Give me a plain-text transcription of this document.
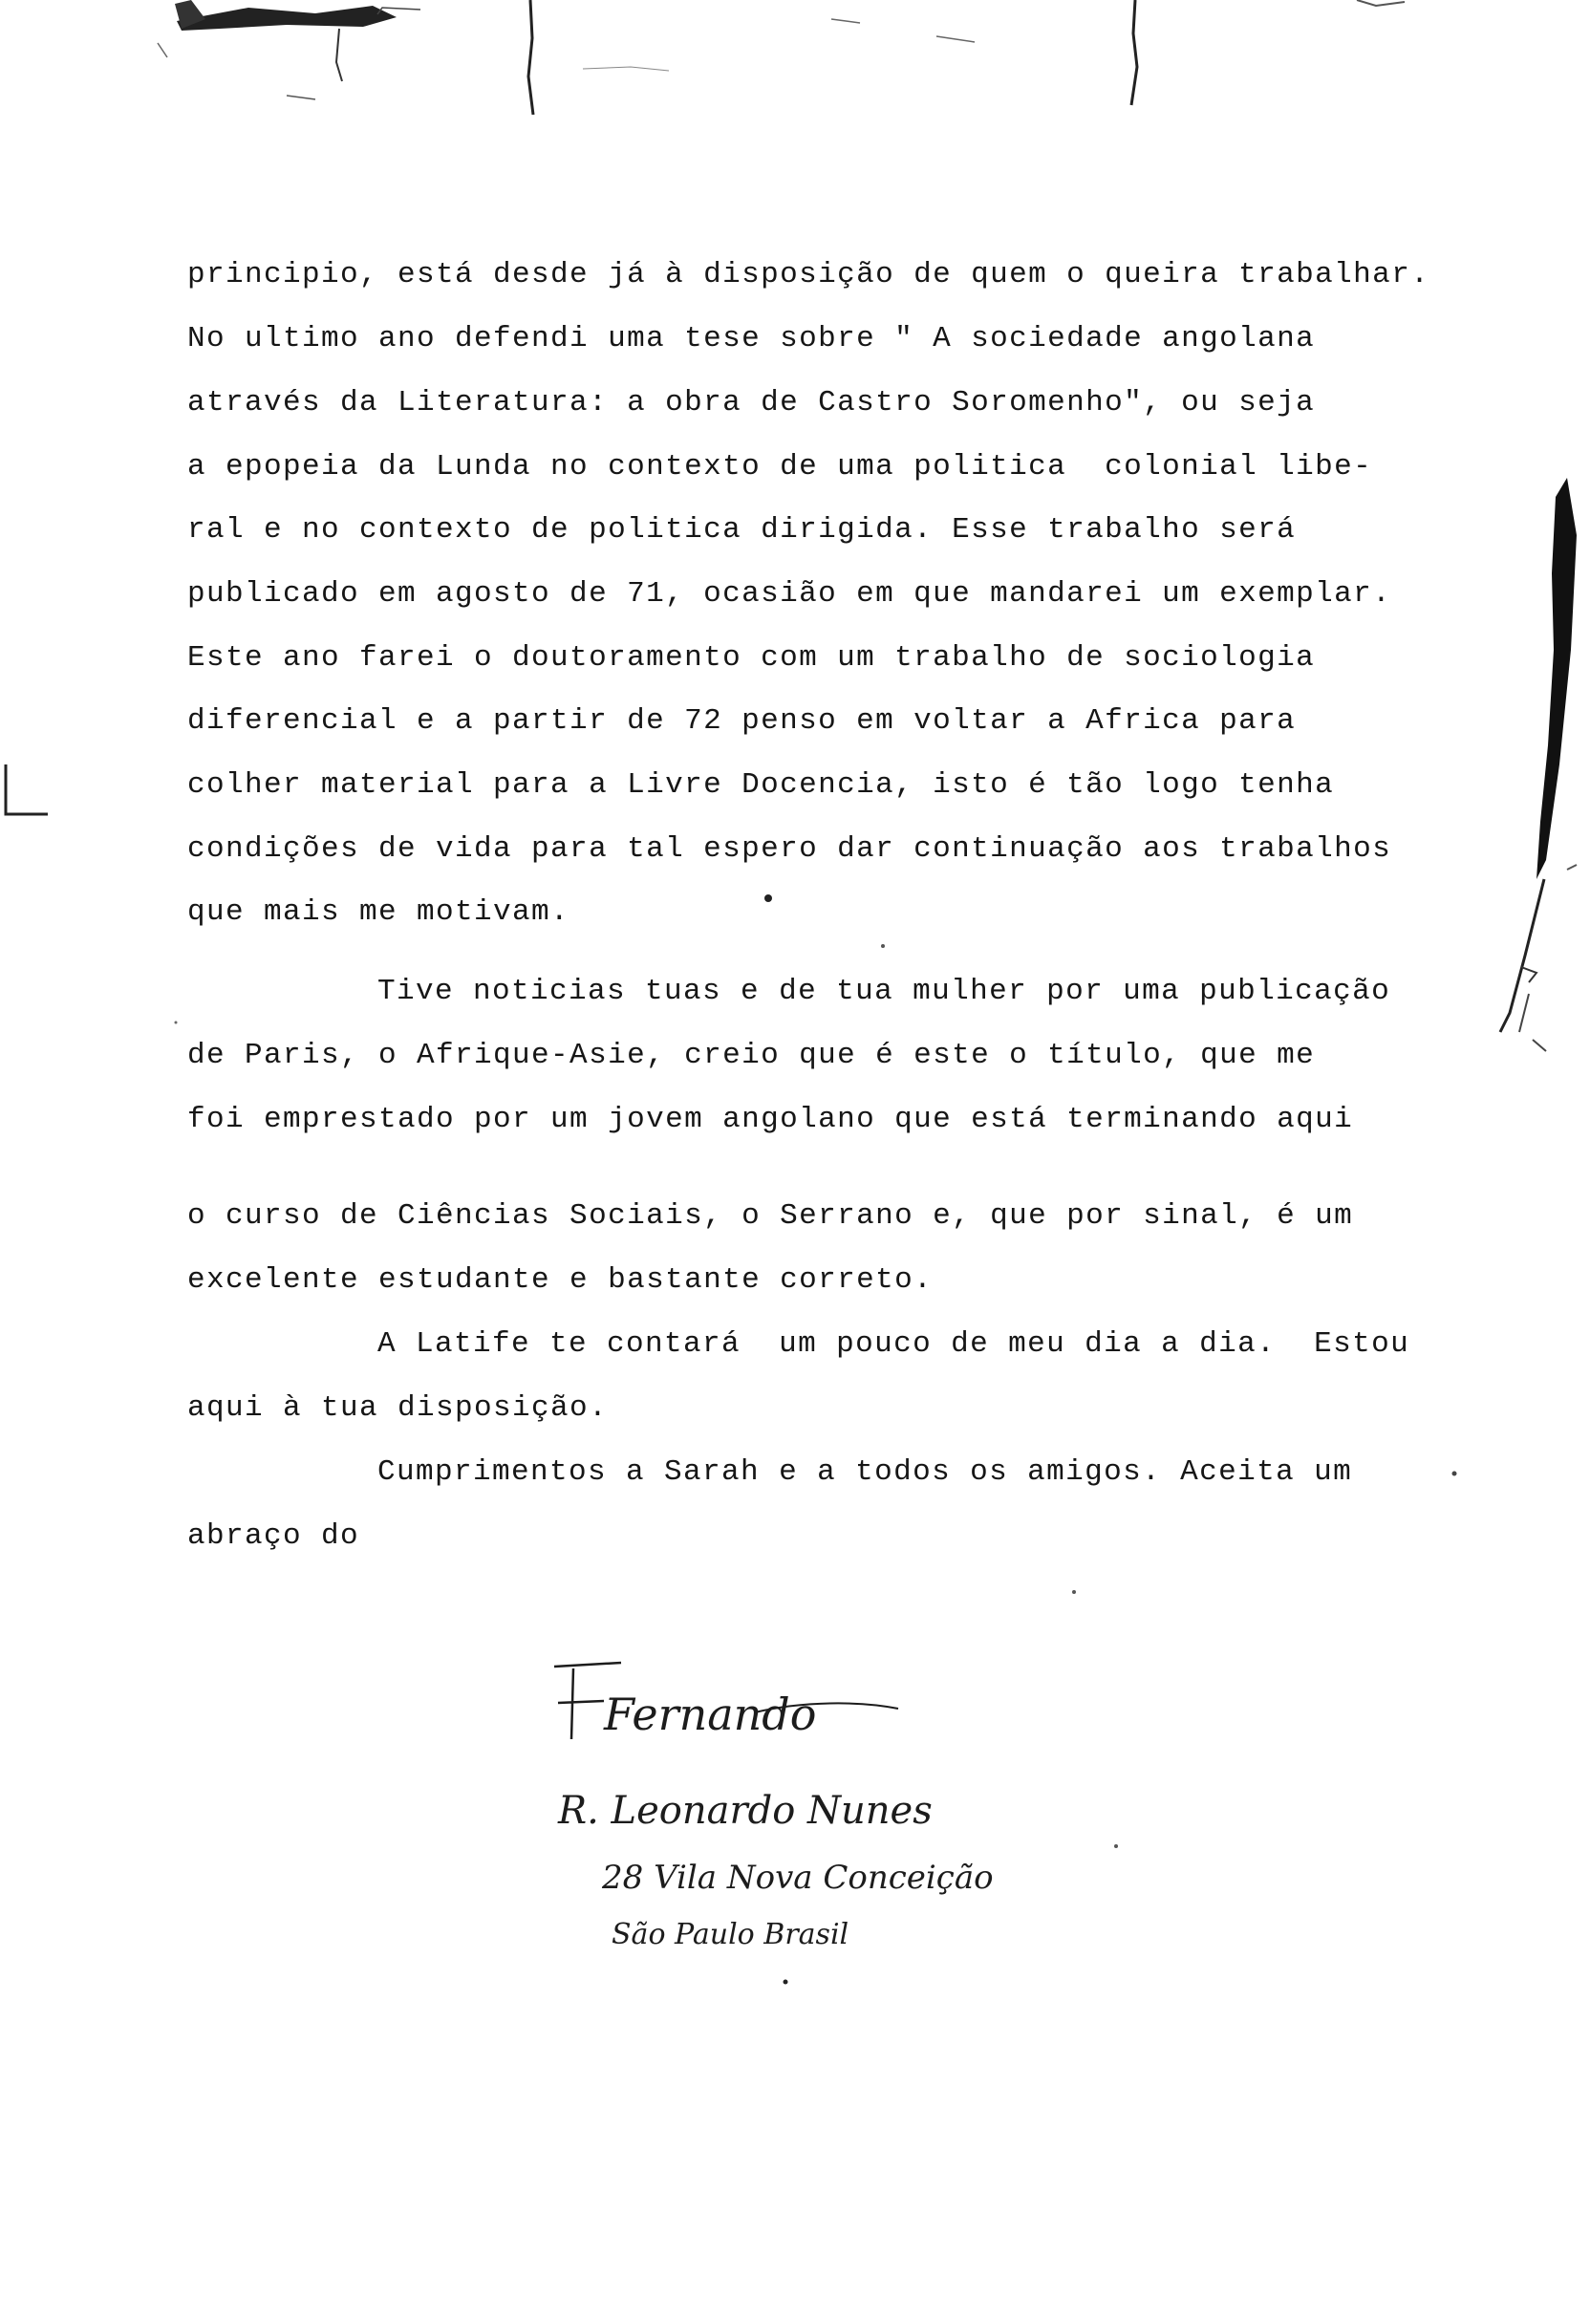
principio, está desde já à disposição de quem o queira trabalhar.
No ultimo ano defendi uma tese sobre " A sociedade angolana
através da Literatura: a obra de Castro Soromenho", ou seja
a epopeia da Lunda no contexto de uma politica  colonial libe-
ral e no contexto de politica dirigida. Esse trabalho será
publicado em agosto de 71, ocasião em que mandarei um exemplar.
Este ano farei o doutoramento com um trabalho de sociologia
diferencial e a partir de 72 penso em voltar a Africa para
colher material para a Livre Docencia, isto é tão logo tenha
condições de vida para tal espero dar continuação aos trabalhos
que mais me motivam.
Tive noticias tuas e de tua mulher por uma publicação
de Paris, o Afrique-Asie, creio que é este o título, que me
foi emprestado por um jovem angolano que está terminando aqui
o curso de Ciências Sociais, o Serrano e, que por sinal, é um
excelente estudante e bastante correto.
A Latife te contará  um pouco de meu dia a dia.  Estou
aqui à tua disposição.
Cumprimentos a Sarah e a todos os amigos. Aceita um
abraço do
Fernando
R. Leonardo Nunes
28 Vila Nova Conceição
São Paulo Brasil
